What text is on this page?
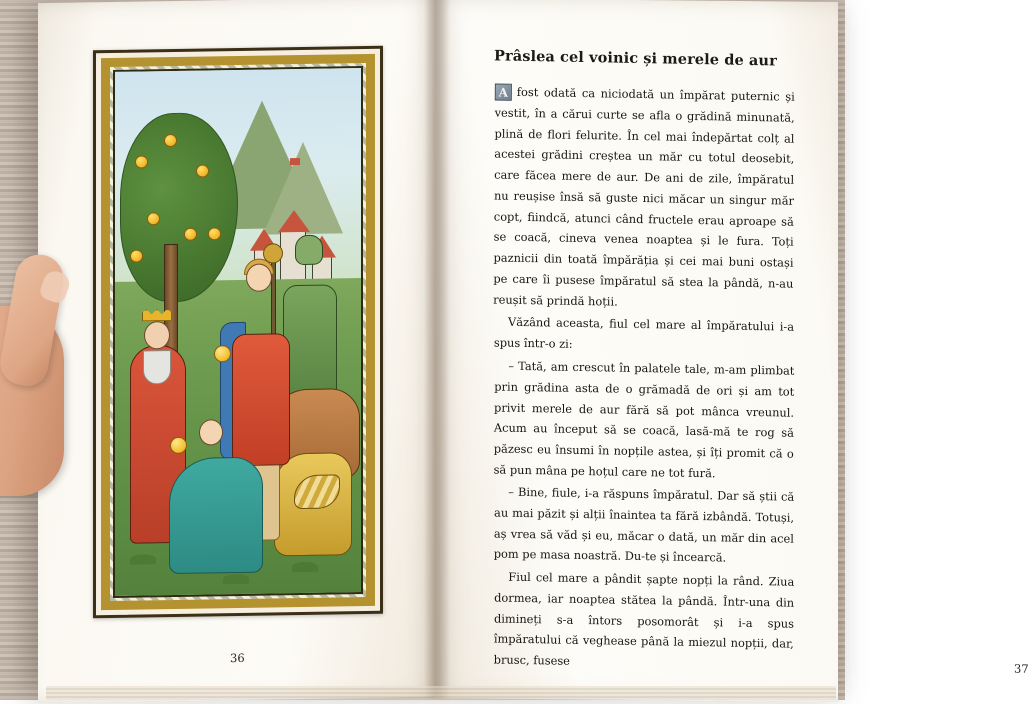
36
Prâslea cel voinic și merele de aur

A fost odată ca niciodată un împărat puternic și vestit, în a cărui curte se afla o grădină minunată, plină de flori felurite. În cel mai îndepărtat colț al acestei grădini creștea un măr cu totul deosebit, care făcea mere de aur. De ani de zile, împăratul nu reușise însă să guste nici măcar un singur măr copt, fiindcă, atunci când fructele erau aproape să se coacă, cineva venea noaptea și le fura. Toți paznicii din toată împărăția și cei mai buni ostași pe care îi pusese împăratul să stea la pândă, n-au reușit să prindă hoții.

Văzând aceasta, fiul cel mare al împăratului i-a spus într-o zi:

– Tată, am crescut în palatele tale, m-am plimbat prin grădina asta de o grămadă de ori și am tot privit merele de aur fără să pot mânca vreunul. Acum au început să se coacă, lasă-mă te rog să păzesc eu însumi în nopțile astea, și îți promit că o să pun mâna pe hoțul care ne tot fură.

– Bine, fiule, i-a răspuns împăratul. Dar să știi că au mai păzit și alții înaintea ta fără izbândă. Totuși, aș vrea să văd și eu, măcar o dată, un măr din acel pom pe masa noastră. Du-te și încearcă.

Fiul cel mare a pândit șapte nopți la rând. Ziua dormea, iar noaptea stătea la pândă. Într-una din dimineți s-a întors posomorât și i-a spus împăratului că veghease până la miezul nopții, dar, brusc, fusese

37
